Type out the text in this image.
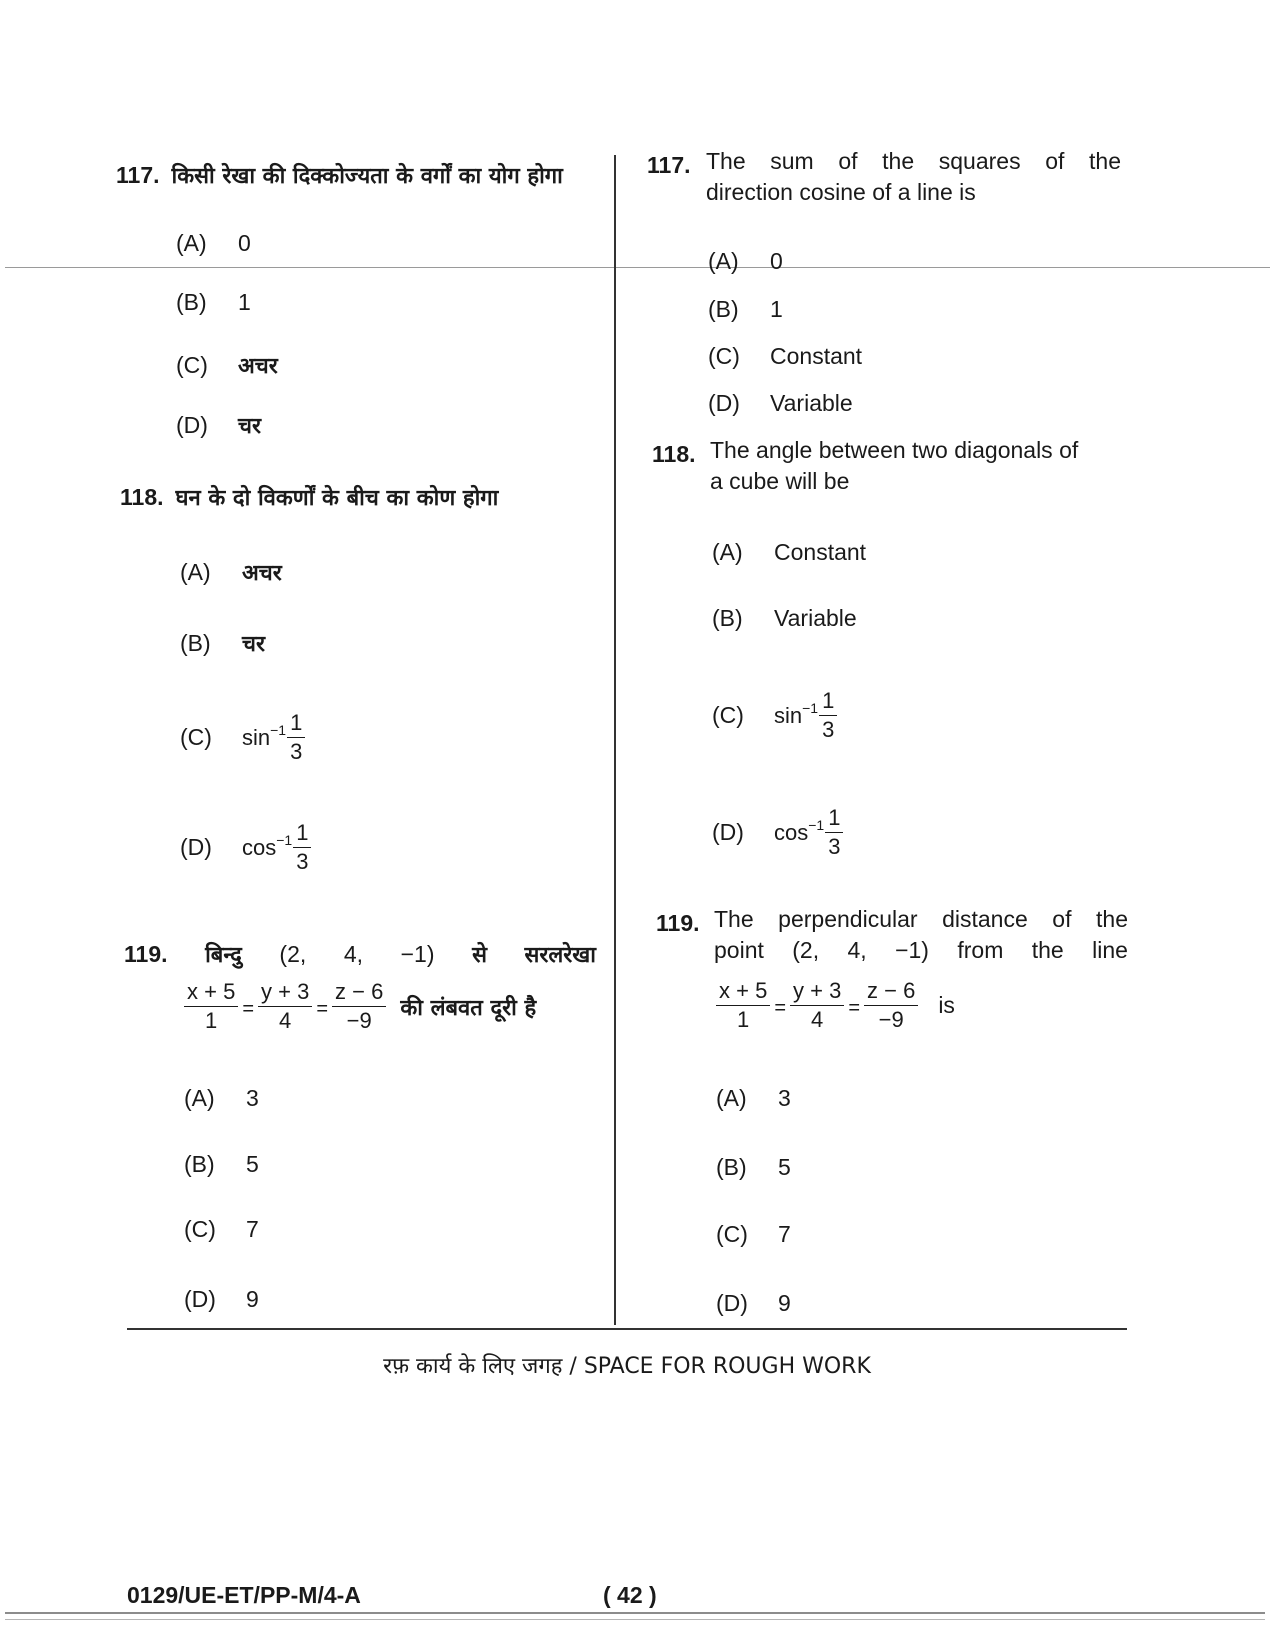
117. किसी रेखा की दिक्कोज्यता के वर्गों का योग होगा
(A)	0
(B)	1
(C)	अचर
(D)	चर
118. घन के दो विकर्णों के बीच का कोण होगा
(A)	अचर
(B)	चर
(C)	$\sin^{-1} \frac{1}{3}$
(D)	$\cos^{-1} \frac{1}{3}$
119. बिन्दु (2, 4, −1) से सरलरेखा
$\frac{x + 5}{1} = \frac{y + 3}{4} = \frac{z - 6}{-9}$ की लंबवत दूरी है
(A)	3
(B)	5
(C)	7
(D)	9
117. The sum of the squares of the
direction cosine of a line is
(A)	0
(B)	1
(C)	Constant
(D)	Variable
118. The angle between two diagonals of
a cube will be
(A)	Constant
(B)	Variable
(C)	$\sin^{-1} \frac{1}{3}$
(D)	$\cos^{-1} \frac{1}{3}$
119. The perpendicular distance of the
point (2, 4, −1) from the line
$\frac{x + 5}{1} = \frac{y + 3}{4} = \frac{z - 6}{-9}$ is
(A)	3
(B)	5
(C)	7
(D)	9
रफ़ कार्य के लिए जगह / SPACE FOR ROUGH WORK
0129/UE-ET/PP-M/4-A	( 42 )
